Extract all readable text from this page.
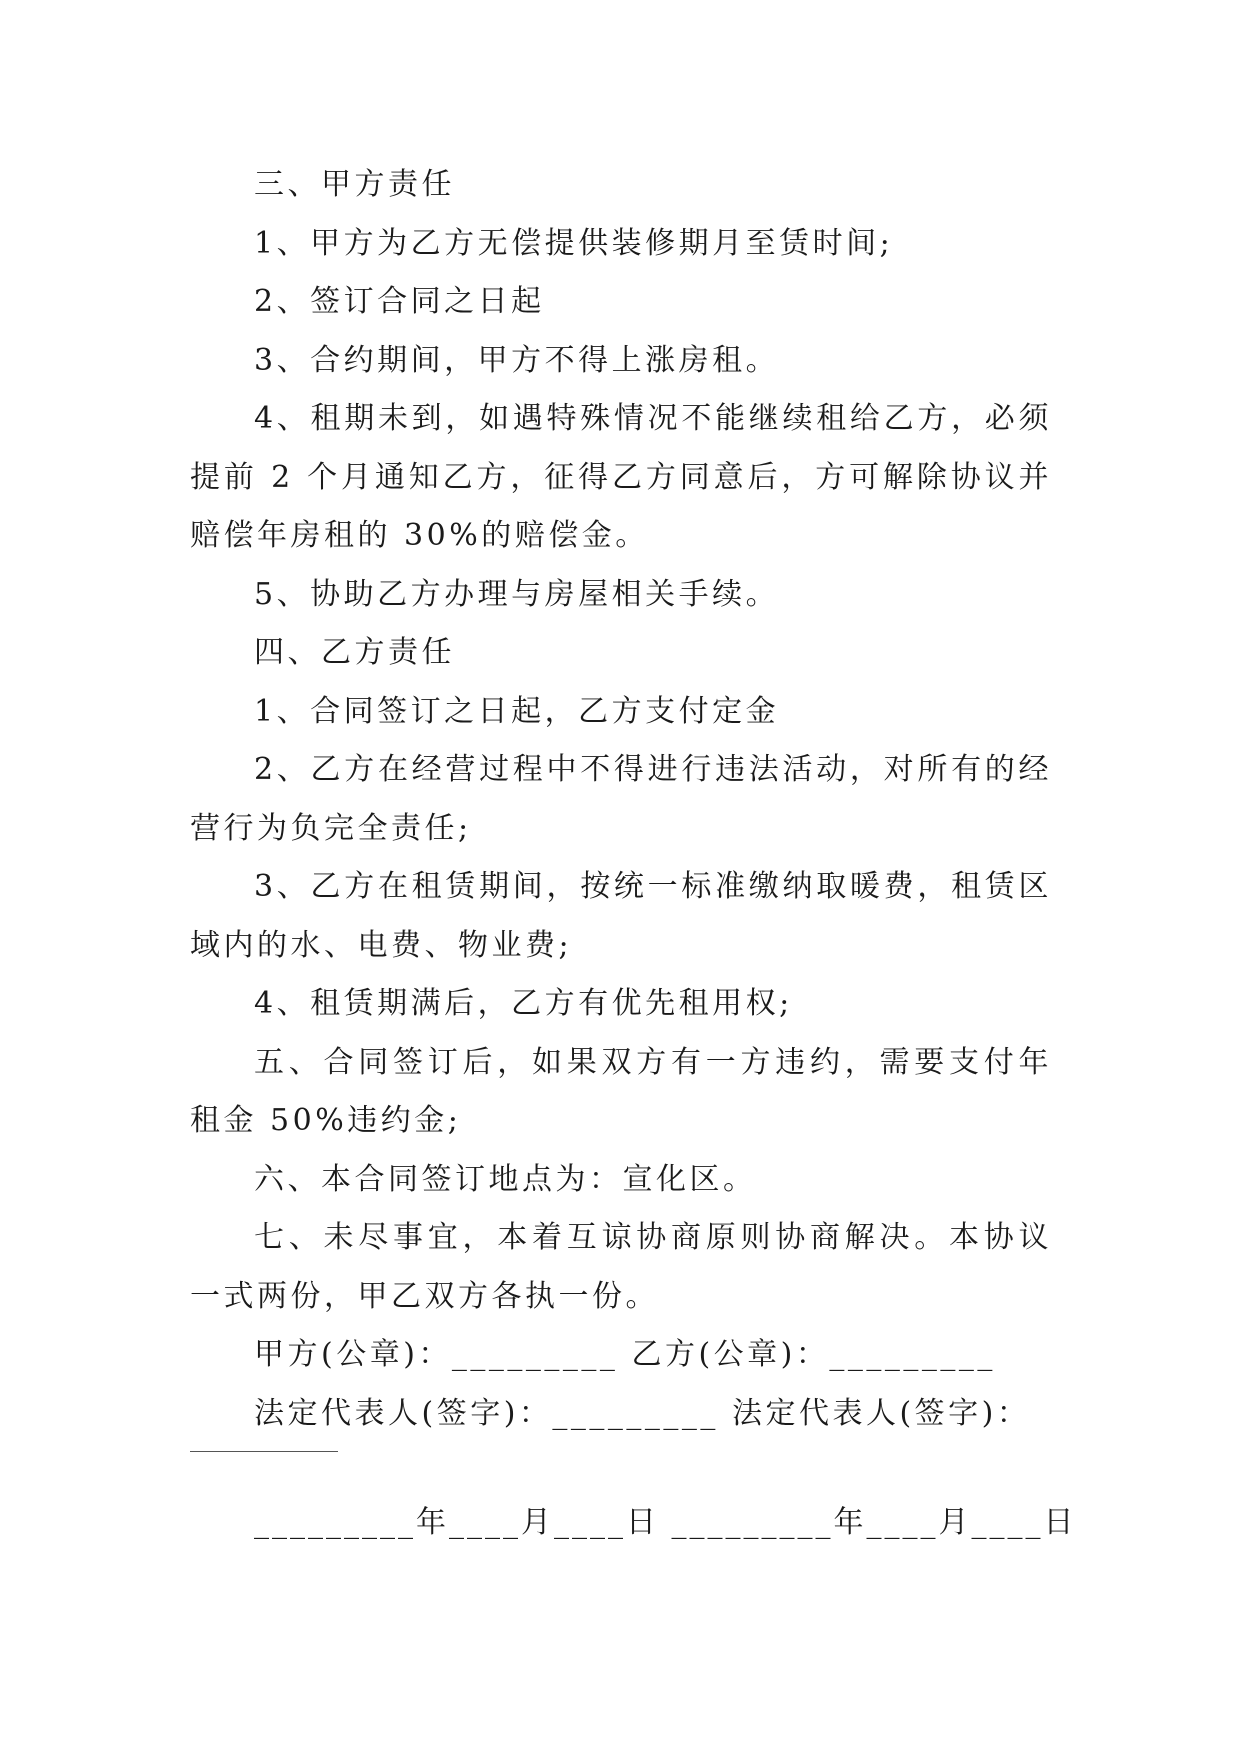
三、甲方责任

1、甲方为乙方无偿提供装修期月至赁时间;

2、签订合同之日起

3、合约期间，甲方不得上涨房租。

4、租期未到，如遇特殊情况不能继续租给乙方，必须提前 2 个月通知乙方，征得乙方同意后，方可解除协议并赔偿年房租的 30%的赔偿金。

5、协助乙方办理与房屋相关手续。

四、乙方责任

1、合同签订之日起，乙方支付定金

2、乙方在经营过程中不得进行违法活动，对所有的经营行为负完全责任;

3、乙方在租赁期间，按统一标准缴纳取暖费，租赁区域内的水、电费、物业费;

4、租赁期满后，乙方有优先租用权;

五、合同签订后，如果双方有一方违约，需要支付年租金 50%违约金;

六、本合同签订地点为：宣化区。

七、未尽事宜，本着互谅协商原则协商解决。本协议一式两份，甲乙双方各执一份。

甲方(公章)：_________ 乙方(公章)：_________

法定代表人(签字)：_________ 法定代表人(签字)：

_________年____月____日 _________年____月____日
